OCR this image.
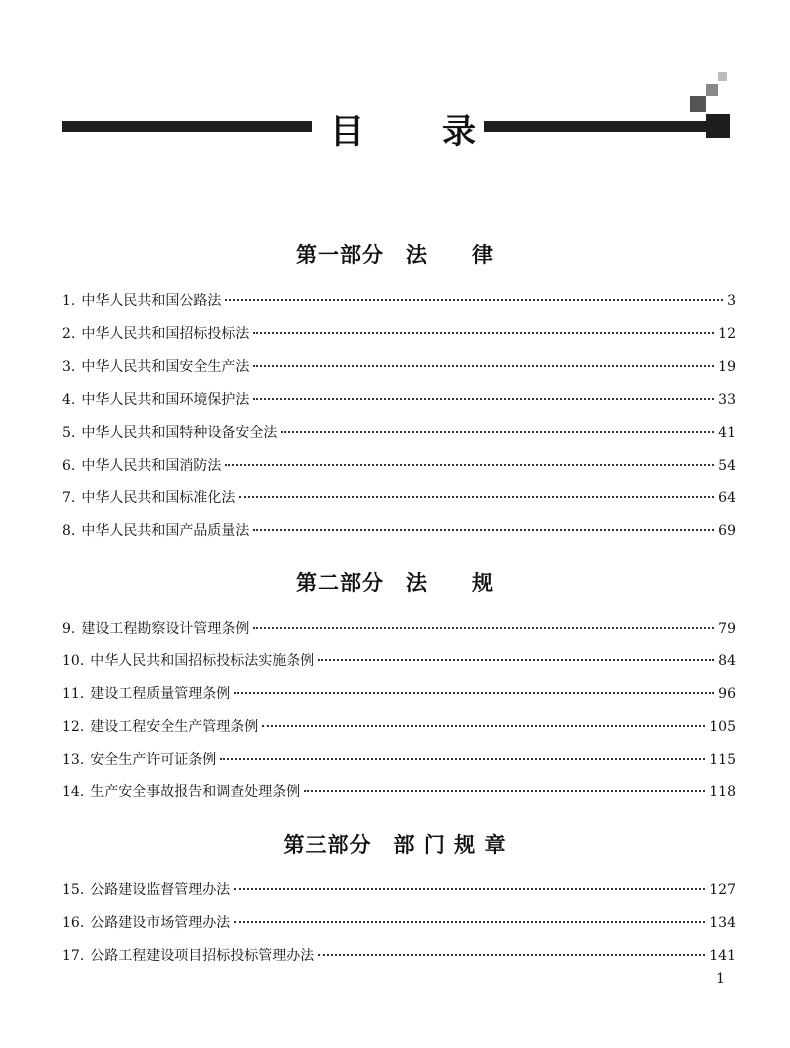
目 录
第一部分　法　　律
1. 中华人民共和国公路法	3
2. 中华人民共和国招标投标法	12
3. 中华人民共和国安全生产法	19
4. 中华人民共和国环境保护法	33
5. 中华人民共和国特种设备安全法	41
6. 中华人民共和国消防法	54
7. 中华人民共和国标准化法	64
8. 中华人民共和国产品质量法	69
第二部分　法　　规
9. 建设工程勘察设计管理条例	79
10. 中华人民共和国招标投标法实施条例	84
11. 建设工程质量管理条例	96
12. 建设工程安全生产管理条例	105
13. 安全生产许可证条例	115
14. 生产安全事故报告和调查处理条例	118
第三部分　部 门 规 章
15. 公路建设监督管理办法	127
16. 公路建设市场管理办法	134
17. 公路工程建设项目招标投标管理办法	141
1
